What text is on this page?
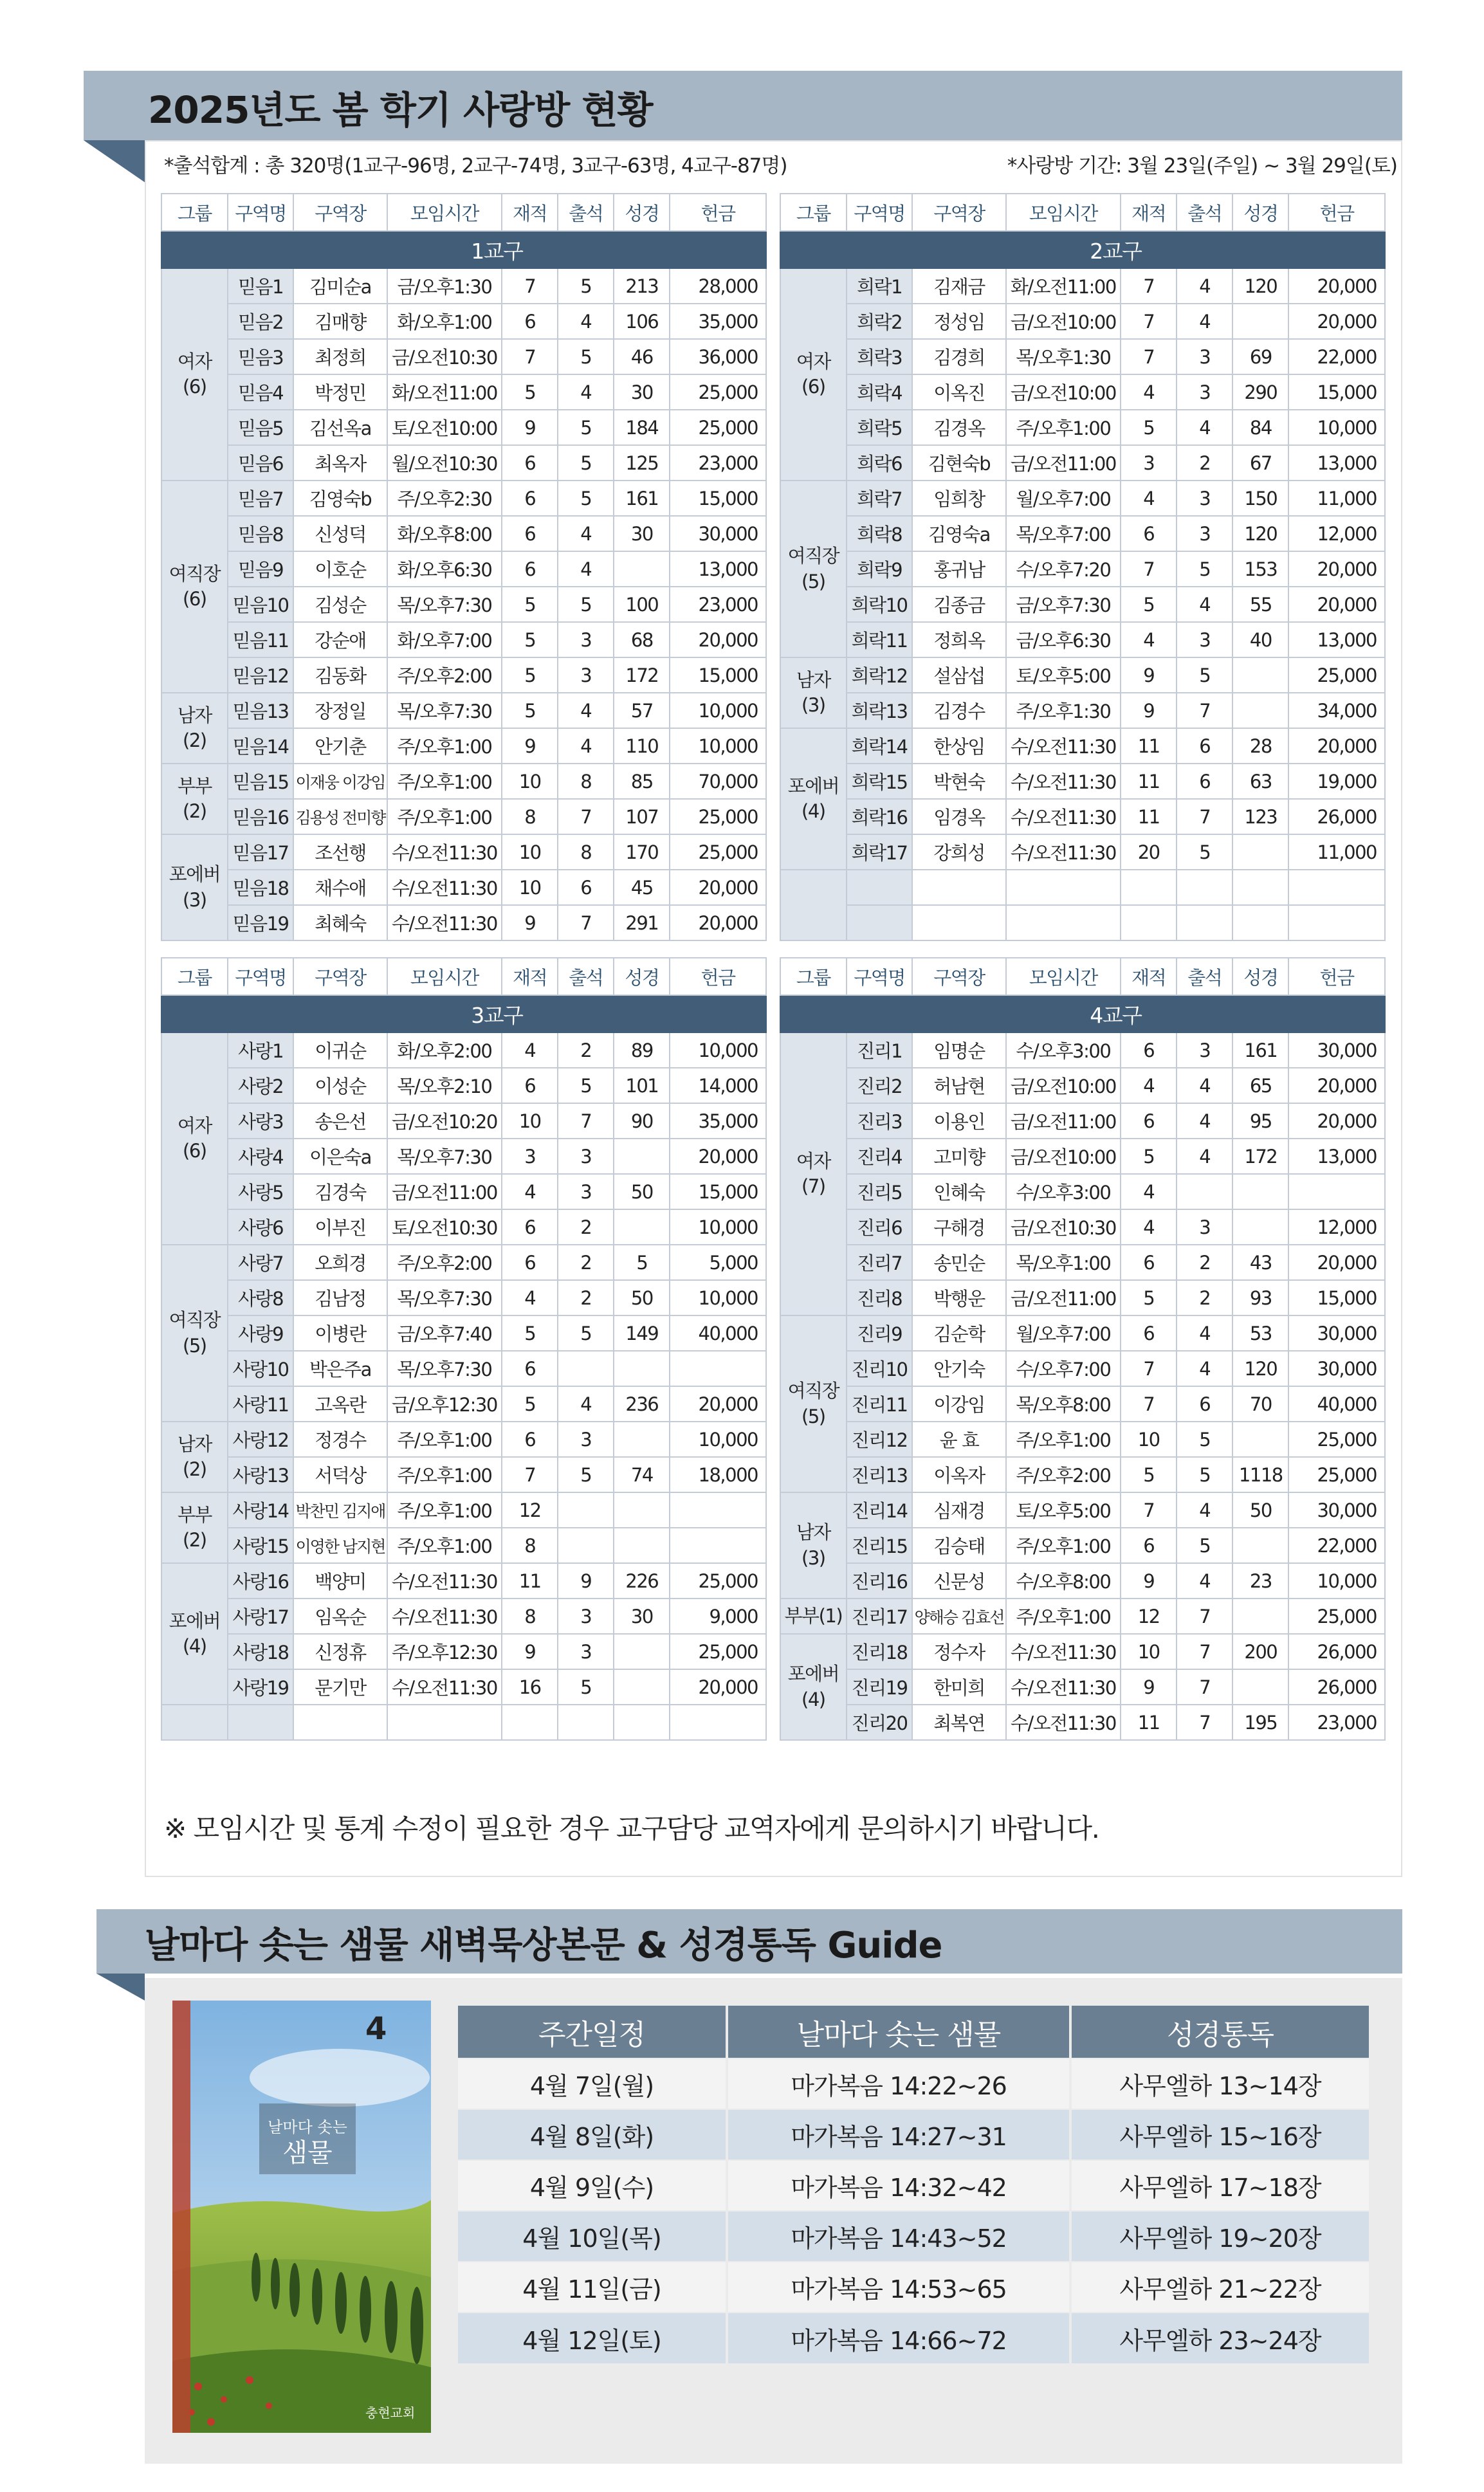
2025년도 봄 학기 사랑방 현황
*출석합계 : 총 320명(1교구-96명, 2교구-74명, 3교구-63명, 4교구-87명)	*사랑방 기간: 3월 23일(주일) ~ 3월 29일(토)
그룹	구역명	구역장	모임시간	재적	출석	성경	헌금
	1교구						
여자
(6)	믿음1	김미순a	금/오후1:30	7	5	213	28,000
	믿음2	김매향	화/오후1:00	6	4	106	35,000
	믿음3	최정희	금/오전10:30	7	5	46	36,000
	믿음4	박정민	화/오전11:00	5	4	30	25,000
	믿음5	김선옥a	토/오전10:00	9	5	184	25,000
	믿음6	최옥자	월/오전10:30	6	5	125	23,000
여직장
(6)	믿음7	김영숙b	주/오후2:30	6	5	161	15,000
	믿음8	신성덕	화/오후8:00	6	4	30	30,000
	믿음9	이호순	화/오후6:30	6	4		13,000
	믿음10	김성순	목/오후7:30	5	5	100	23,000
	믿음11	강순애	화/오후7:00	5	3	68	20,000
	믿음12	김동화	주/오후2:00	5	3	172	15,000
남자
(2)	믿음13	장정일	목/오후7:30	5	4	57	10,000
	믿음14	안기춘	주/오후1:00	9	4	110	10,000
부부
(2)	믿음15	이재웅 이강임	주/오후1:00	10	8	85	70,000
	믿음16	김용성 전미향	주/오후1:00	8	7	107	25,000
포에버
(3)	믿음17	조선행	수/오전11:30	10	8	170	25,000
	믿음18	채수애	수/오전11:30	10	6	45	20,000
	믿음19	최혜숙	수/오전11:30	9	7	291	20,000
그룹	구역명	구역장	모임시간	재적	출석	성경	헌금
	2교구						
여자
(6)	희락1	김재금	화/오전11:00	7	4	120	20,000
	희락2	정성임	금/오전10:00	7	4		20,000
	희락3	김경희	목/오후1:30	7	3	69	22,000
	희락4	이옥진	금/오전10:00	4	3	290	15,000
	희락5	김경옥	주/오후1:00	5	4	84	10,000
	희락6	김현숙b	금/오전11:00	3	2	67	13,000
여직장
(5)	희락7	임희창	월/오후7:00	4	3	150	11,000
	희락8	김영숙a	목/오후7:00	6	3	120	12,000
	희락9	홍귀남	수/오후7:20	7	5	153	20,000
	희락10	김종금	금/오후7:30	5	4	55	20,000
	희락11	정희옥	금/오후6:30	4	3	40	13,000
남자
(3)	희락12	설삼섭	토/오후5:00	9	5		25,000
	희락13	김경수	주/오후1:30	9	7		34,000
포에버
(4)	희락14	한상임	수/오전11:30	11	6	28	20,000
	희락15	박현숙	수/오전11:30	11	6	63	19,000
	희락16	임경옥	수/오전11:30	11	7	123	26,000
	희락17	강희성	수/오전11:30	20	5		11,000

그룹	구역명	구역장	모임시간	재적	출석	성경	헌금
	3교구						
여자
(6)	사랑1	이귀순	화/오후2:00	4	2	89	10,000
	사랑2	이성순	목/오후2:10	6	5	101	14,000
	사랑3	송은선	금/오전10:20	10	7	90	35,000
	사랑4	이은숙a	목/오후7:30	3	3		20,000
	사랑5	김경숙	금/오전11:00	4	3	50	15,000
	사랑6	이부진	토/오전10:30	6	2		10,000
여직장
(5)	사랑7	오희경	주/오후2:00	6	2	5	5,000
	사랑8	김남정	목/오후7:30	4	2	50	10,000
	사랑9	이병란	금/오후7:40	5	5	149	40,000
	사랑10	박은주a	목/오후7:30	6			
	사랑11	고옥란	금/오후12:30	5	4	236	20,000
남자
(2)	사랑12	정경수	주/오후1:00	6	3		10,000
	사랑13	서덕상	주/오후1:00	7	5	74	18,000
부부
(2)	사랑14	박찬민 김지애	주/오후1:00	12			
	사랑15	이영한 남지현	주/오후1:00	8			
포에버
(4)	사랑16	백양미	수/오전11:30	11	9	226	25,000
	사랑17	임옥순	수/오전11:30	8	3	30	9,000
	사랑18	신정휴	주/오후12:30	9	3		25,000
	사랑19	문기만	수/오전11:30	16	5		20,000

그룹	구역명	구역장	모임시간	재적	출석	성경	헌금
	4교구						
여자
(7)	진리1	임명순	수/오후3:00	6	3	161	30,000
	진리2	허남현	금/오전10:00	4	4	65	20,000
	진리3	이용인	금/오전11:00	6	4	95	20,000
	진리4	고미향	금/오전10:00	5	4	172	13,000
	진리5	인혜숙	수/오후3:00	4			
	진리6	구해경	금/오전10:30	4	3		12,000
	진리7	송민순	목/오후1:00	6	2	43	20,000
	진리8	박행운	금/오전11:00	5	2	93	15,000
여직장
(5)	진리9	김순학	월/오후7:00	6	4	53	30,000
	진리10	안기숙	수/오후7:00	7	4	120	30,000
	진리11	이강임	목/오후8:00	7	6	70	40,000
	진리12	윤 효	주/오후1:00	10	5		25,000
	진리13	이옥자	주/오후2:00	5	5	1118	25,000
남자
(3)	진리14	심재경	토/오후5:00	7	4	50	30,000
	진리15	김승태	주/오후1:00	6	5		22,000
	진리16	신문성	수/오후8:00	9	4	23	10,000
부부(1)	진리17	양해승 김효선	주/오후1:00	12	7		25,000
포에버
(4)	진리18	정수자	수/오전11:30	10	7	200	26,000
	진리19	한미희	수/오전11:30	9	7		26,000
	진리20	최복연	수/오전11:30	11	7	195	23,000
※ 모임시간 및 통계 수정이 필요한 경우 교구담당 교역자에게 문의하시기 바랍니다.
날마다 솟는 샘물 새벽묵상본문 & 성경통독 Guide
4
날마다 솟는
샘물
충현교회
주간일정	날마다 솟는 샘물	성경통독
4월 7일(월)	마가복음 14:22~26	사무엘하 13~14장
4월 8일(화)	마가복음 14:27~31	사무엘하 15~16장
4월 9일(수)	마가복음 14:32~42	사무엘하 17~18장
4월 10일(목)	마가복음 14:43~52	사무엘하 19~20장
4월 11일(금)	마가복음 14:53~65	사무엘하 21~22장
4월 12일(토)	마가복음 14:66~72	사무엘하 23~24장
